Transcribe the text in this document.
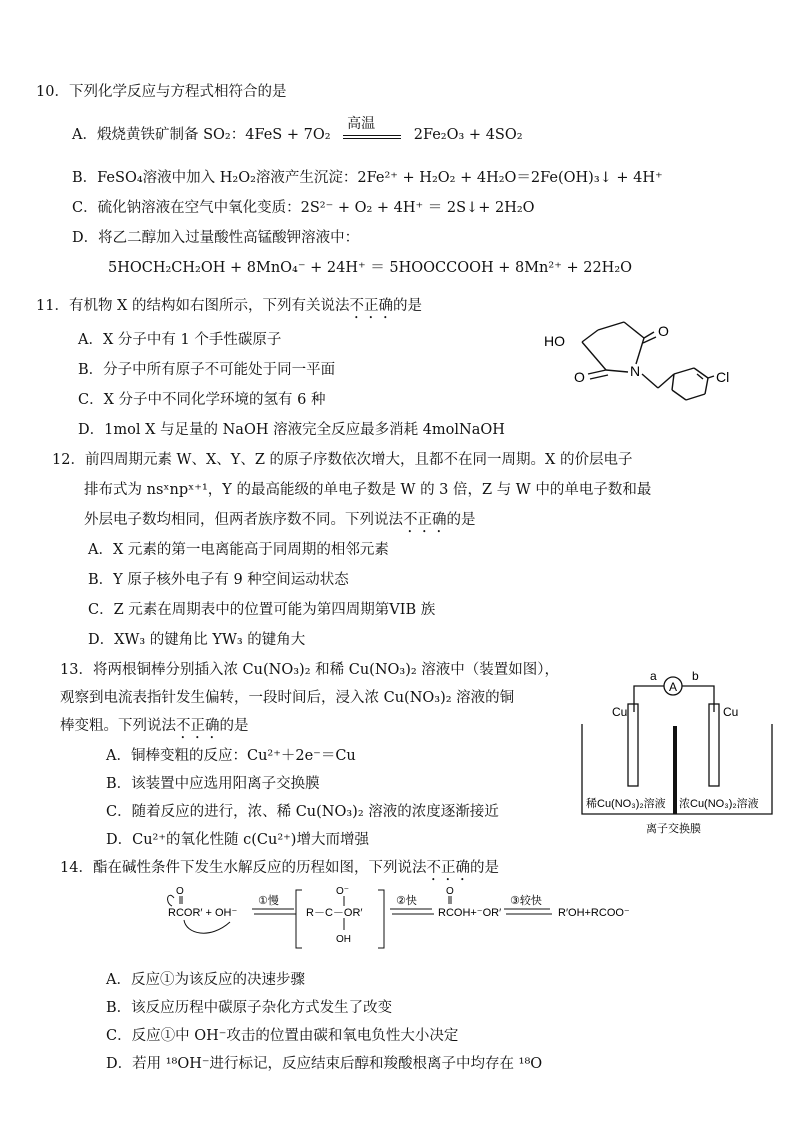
10．下列化学反应与方程式相符合的是
A．煅烧黄铁矿制备 SO₂：4FeS + 7O₂
高温
2Fe₂O₃ + 4SO₂
B．FeSO₄溶液中加入 H₂O₂溶液产生沉淀：2Fe²⁺ + H₂O₂ + 4H₂O＝2Fe(OH)₃↓ + 4H⁺
C．硫化钠溶液在空气中氧化变质：2S²⁻ + O₂ + 4H⁺ ＝ 2S↓+ 2H₂O
D．将乙二醇加入过量酸性高锰酸钾溶液中：
5HOCH₂CH₂OH + 8MnO₄⁻ + 24H⁺ ＝ 5HOOCCOOH + 8Mn²⁺ + 22H₂O
11．有机物 X 的结构如右图所示，下列有关说法不正确的是
A．X 分子中有 1 个手性碳原子
B．分子中所有原子不可能处于同一平面
C．X 分子中不同化学环境的氢有 6 种
D．1mol X 与足量的 NaOH 溶液完全反应最多消耗 4molNaOH
HO
N	Cl
O
O
12．前四周期元素 W、X、Y、Z 的原子序数依次增大，且都不在同一周期。X 的价层电子
排布式为 nsˣnpˣ⁺¹，Y 的最高能级的单电子数是 W 的 3 倍，Z 与 W 中的单电子数和最
外层电子数均相同，但两者族序数不同。下列说法不正确的是
A．X 元素的第一电离能高于同周期的相邻元素
B．Y 原子核外电子有 9 种空间运动状态
C．Z 元素在周期表中的位置可能为第四周期第VIB 族
D．XW₃ 的键角比 YW₃ 的键角大
13．将两根铜棒分别插入浓 Cu(NO₃)₂ 和稀 Cu(NO₃)₂ 溶液中（装置如图），
观察到电流表指针发生偏转，一段时间后，浸入浓 Cu(NO₃)₂ 溶液的铜
棒变粗。下列说法不正确的是
A．铜棒变粗的反应：Cu²⁺＋2e⁻＝Cu
B．该装置中应选用阳离子交换膜
C．随着反应的进行，浓、稀 Cu(NO₃)₂ 溶液的浓度逐渐接近
D．Cu²⁺的氧化性随 c(Cu²⁺)增大而增强
A
a	b
Cu	Cu
稀Cu(NO₃)₂溶液 浓Cu(NO₃)₂溶液
离子交换膜
14．酯在碱性条件下发生水解反应的历程如图，下列说法不正确的是
O
RCOR′ + OH⁻
①慢
O⁻
R－C－OR′
OH
②快
O
RCOH+⁻OR′
③较快
R′OH+RCOO⁻
A．反应①为该反应的决速步骤
B．该反应历程中碳原子杂化方式发生了改变
C．反应①中 OH⁻攻击的位置由碳和氧电负性大小决定
D．若用 ¹⁸OH⁻进行标记，反应结束后醇和羧酸根离子中均存在 ¹⁸O
